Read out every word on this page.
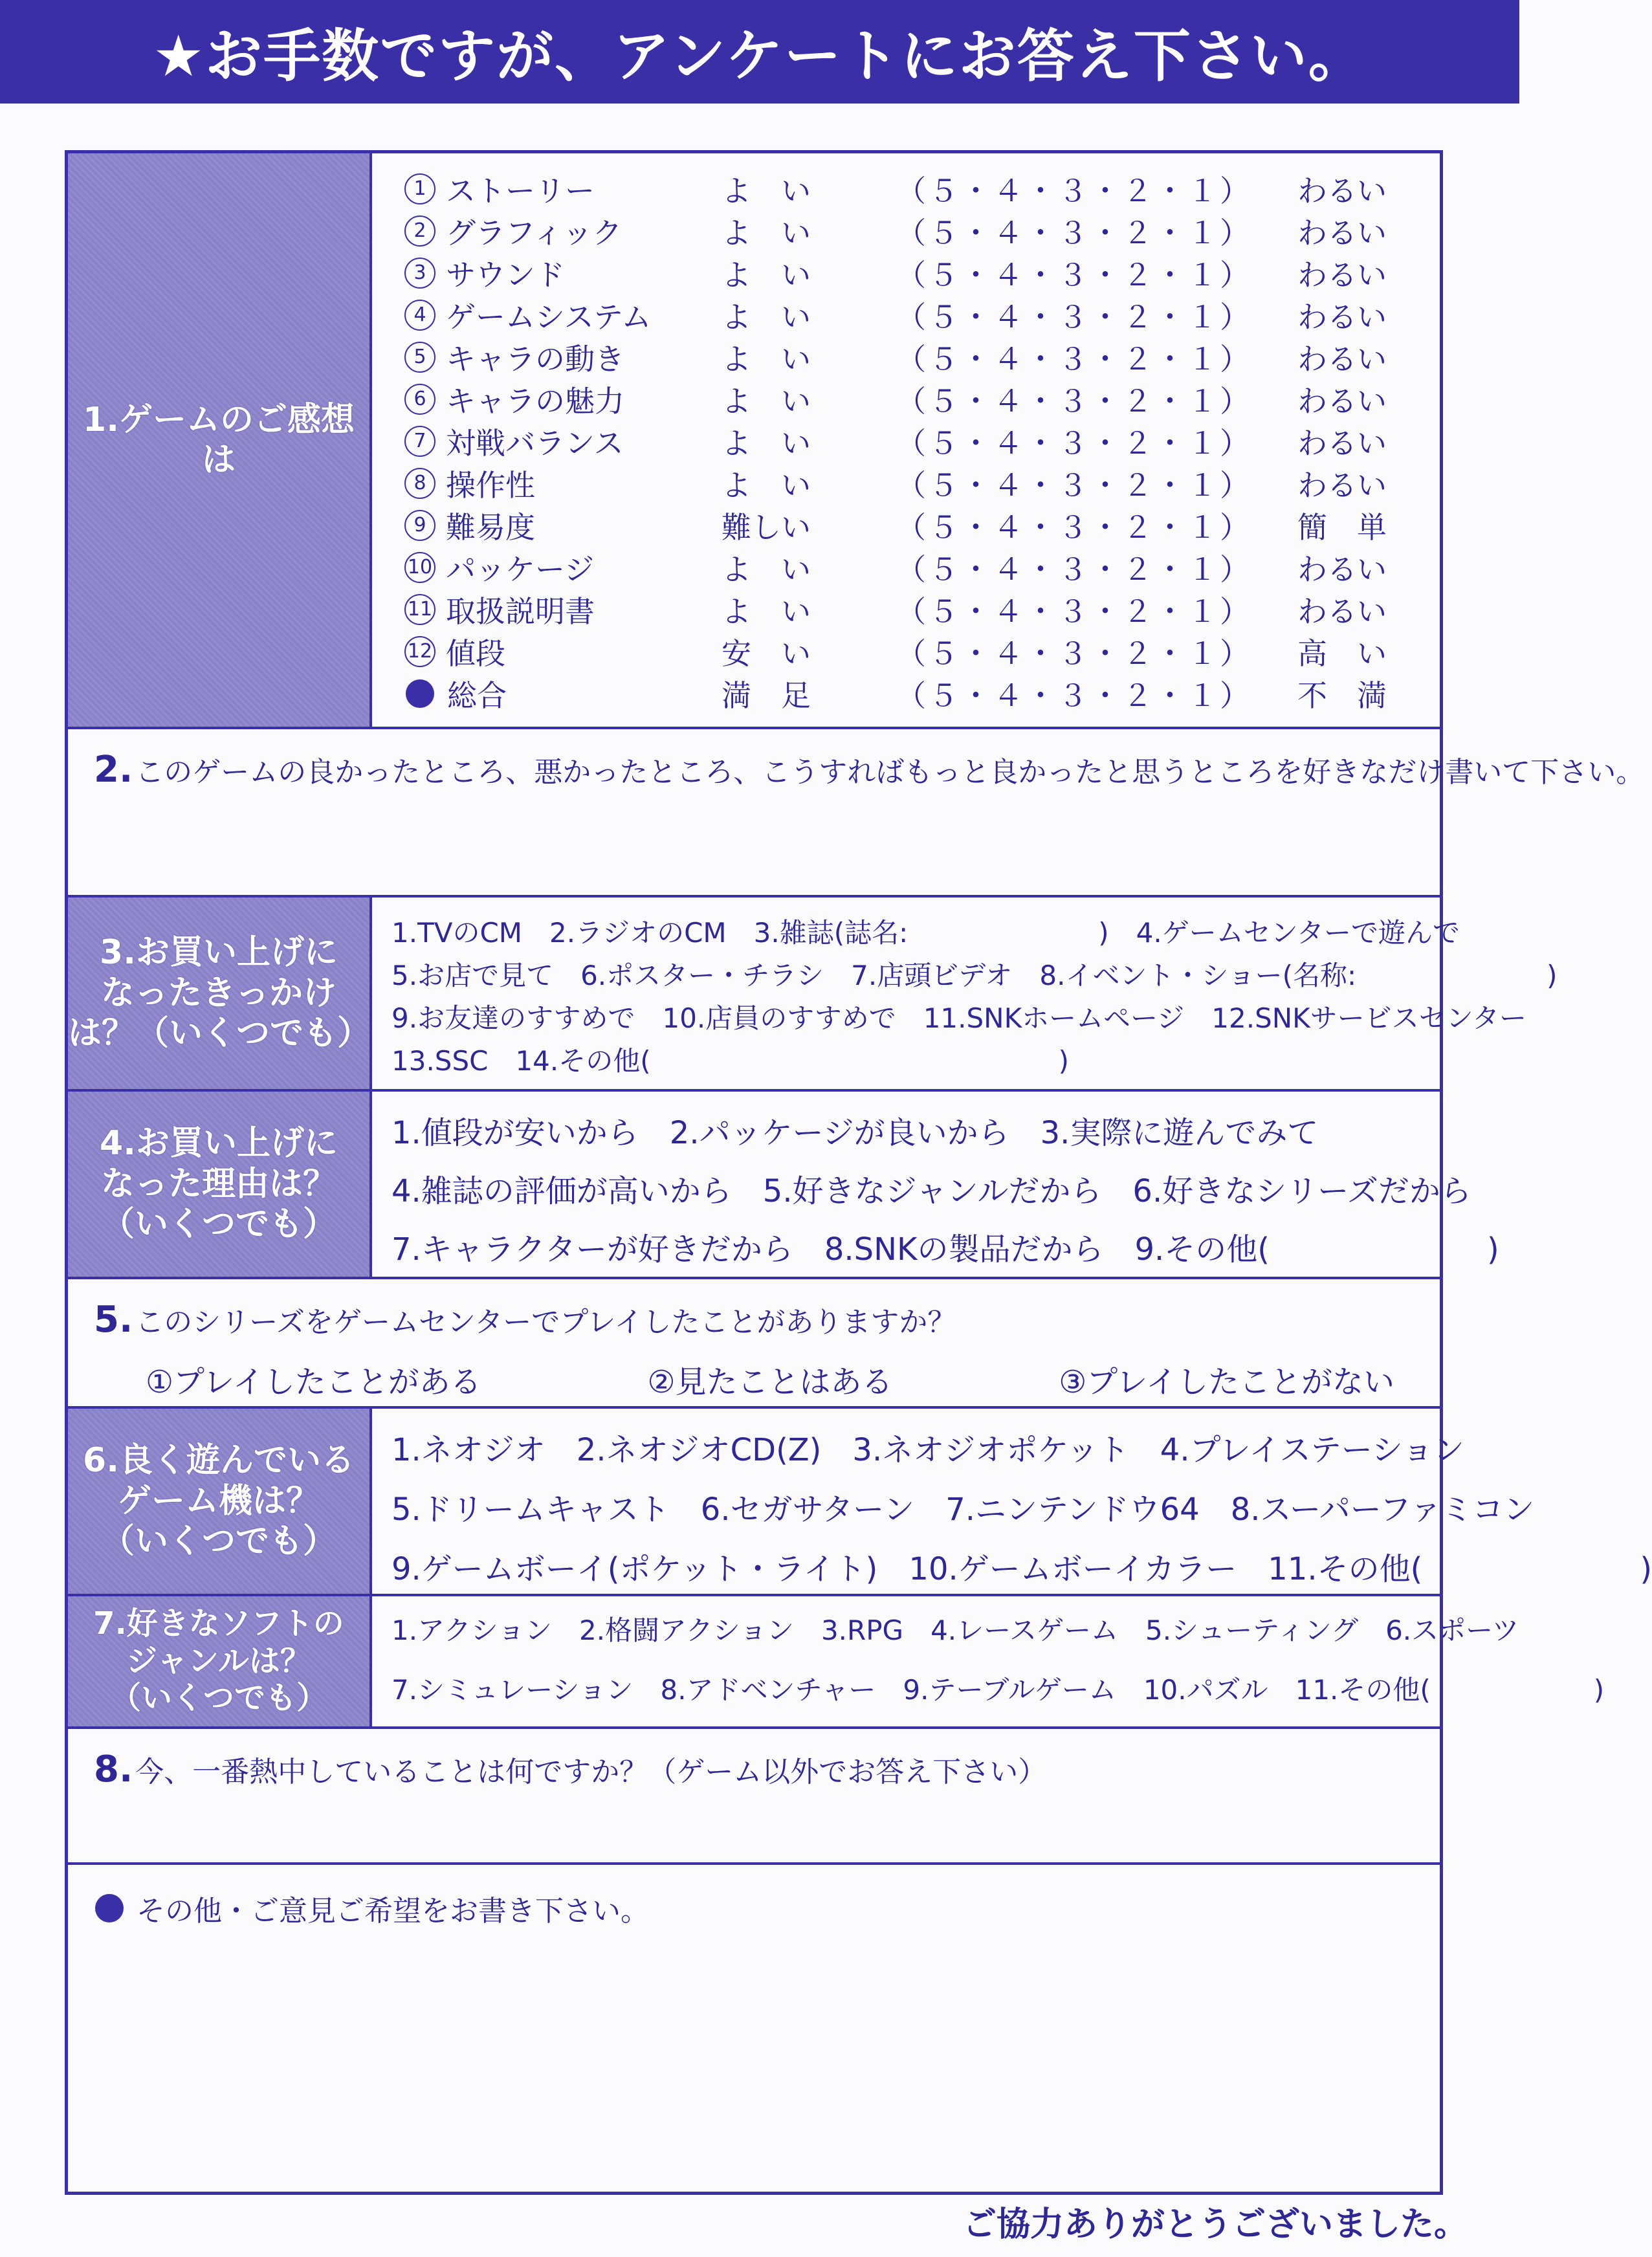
★お手数ですが、アンケートにお答え下さい。
1.ゲームのご感想は
1 ストーリー	よ　い	（５・４・３・２・１）	わるい
2 グラフィック	よ　い	（５・４・３・２・１）	わるい
3 サウンド	よ　い	（５・４・３・２・１）	わるい
4 ゲームシステム よ　い	（５・４・３・２・１）	わるい
5 キャラの動き	よ　い	（５・４・３・２・１）	わるい
6 キャラの魅力	よ　い	（５・４・３・２・１）	わるい
7 対戦バランス	よ　い	（５・４・３・２・１）	わるい
8 操作性	よ　い	（５・４・３・２・１）	わるい
9 難易度	難しい	（５・４・３・２・１）	簡　単
10 パッケージ	よ　い	（５・４・３・２・１）	わるい
11 取扱説明書	よ　い	（５・４・３・２・１）	わるい
12 値段	安　い	（５・４・３・２・１）	高　い
総合	満　足	（５・４・３・２・１）	不　満
2.このゲームの良かったところ、悪かったところ、こうすればもっと良かったと思うところを好きなだけ書いて下さい。
3.お買い上げに
なったきっかけ
は？（いくつでも）
1.TVのCM　2.ラジオのCM　3.雑誌(誌名:　　　　　　　)　4.ゲームセンターで遊んで
5.お店で見て　6.ポスター・チラシ　7.店頭ビデオ　8.イベント・ショー(名称:　　　　　　　)
9.お友達のすすめで　10.店員のすすめで　11.SNKホームページ　12.SNKサービスセンター
13.SSC　14.その他(　　　　　　　　　　　　　　　)
4.お買い上げに
なった理由は？
（いくつでも）
1.値段が安いから　2.パッケージが良いから　3.実際に遊んでみて
4.雑誌の評価が高いから　5.好きなジャンルだから　6.好きなシリーズだから
7.キャラクターが好きだから　8.SNKの製品だから　9.その他(　　　　　　　)
5.このシリーズをゲームセンターでプレイしたことがありますか？
①プレイしたことがある	②見たことはある	③プレイしたことがない
6.良く遊んでいる
ゲーム機は？
（いくつでも）
1.ネオジオ　2.ネオジオCD(Z)　3.ネオジオポケット　4.プレイステーション
5.ドリームキャスト　6.セガサターン　7.ニンテンドウ64　8.スーパーファミコン
9.ゲームボーイ(ポケット・ライト)　10.ゲームボーイカラー　11.その他(　　　　　　　)
7.好きなソフトの
ジャンルは？
（いくつでも）
1.アクション　2.格闘アクション　3.RPG　4.レースゲーム　5.シューティング　6.スポーツ
7.シミュレーション　8.アドベンチャー　9.テーブルゲーム　10.パズル　11.その他(　　　　　　)
8.今、一番熱中していることは何ですか？（ゲーム以外でお答え下さい）
その他・ご意見ご希望をお書き下さい。
ご協力ありがとうございました。
